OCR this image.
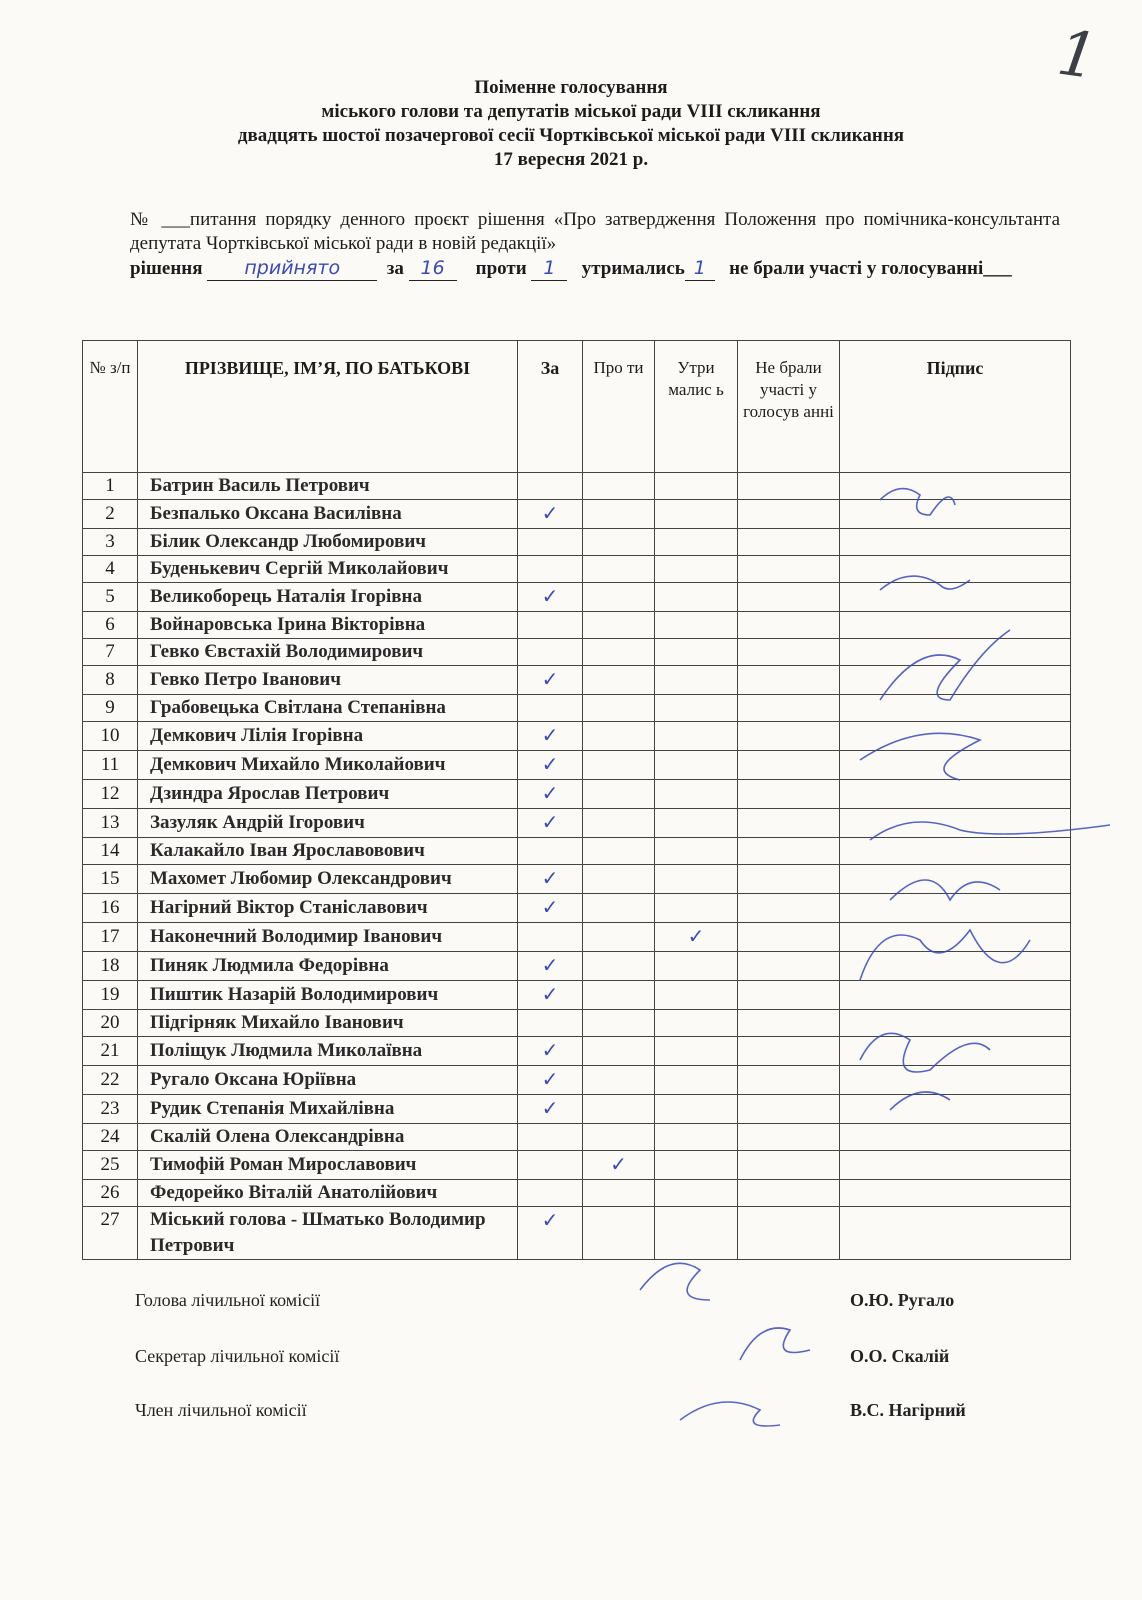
1
Поіменне голосування
міського голови та депутатів міської ради VIII скликання
двадцять шостої позачергової сесії Чортківської міської ради VIII скликання
17 вересня 2021 р.
№ ___питання порядку денного проєкт рішення «Про затвердження Положення про помічника-консультанта депутата Чортківської міської ради в новій редакції»
рішення прийнято за 16 проти 1 утримались 1 не брали участі у голосуванні___
№ з/п	ПРІЗВИЩЕ, ІМ’Я, ПО БАТЬКОВІ	За	Про ти	Утри малис ь	Не брали участі у голосув анні	Підпис
1	Батрин Василь Петрович					
2	Безпалько Оксана Василівна	✓				
3	Білик Олександр Любомирович					
4	Буденькевич Сергій Миколайович					
5	Великоборець Наталія Ігорівна	✓				
6	Войнаровська Ірина Вікторівна					
7	Гевко Євстахій Володимирович					
8	Гевко Петро Іванович	✓				
9	Грабовецька Світлана Степанівна					
10	Демкович Лілія Ігорівна	✓				
11	Демкович Михайло Миколайович	✓				
12	Дзиндра Ярослав Петрович	✓				
13	Зазуляк Андрій Ігорович	✓				
14	Калакайло Іван Ярославовович					
15	Махомет Любомир Олександрович	✓				
16	Нагірний Віктор Станіславович	✓				
17	Наконечний Володимир Іванович			✓		
18	Пиняк Людмила Федорівна	✓				
19	Пиштик Назарій Володимирович	✓				
20	Підгірняк Михайло Іванович					
21	Поліщук Людмила Миколаївна	✓				
22	Ругало Оксана Юріївна	✓				
23	Рудик Степанія Михайлівна	✓				
24	Скалій Олена Олександрівна					
25	Тимофій Роман Мирославович		✓			
26	Федорейко Віталій Анатолійович					
27	Міський голова - Шматько Володимир Петрович	✓				
Голова лічильної комісії	О.Ю. Ругало
Секретар лічильної комісії	О.О. Скалій
Член лічильної комісії	В.С. Нагірний
